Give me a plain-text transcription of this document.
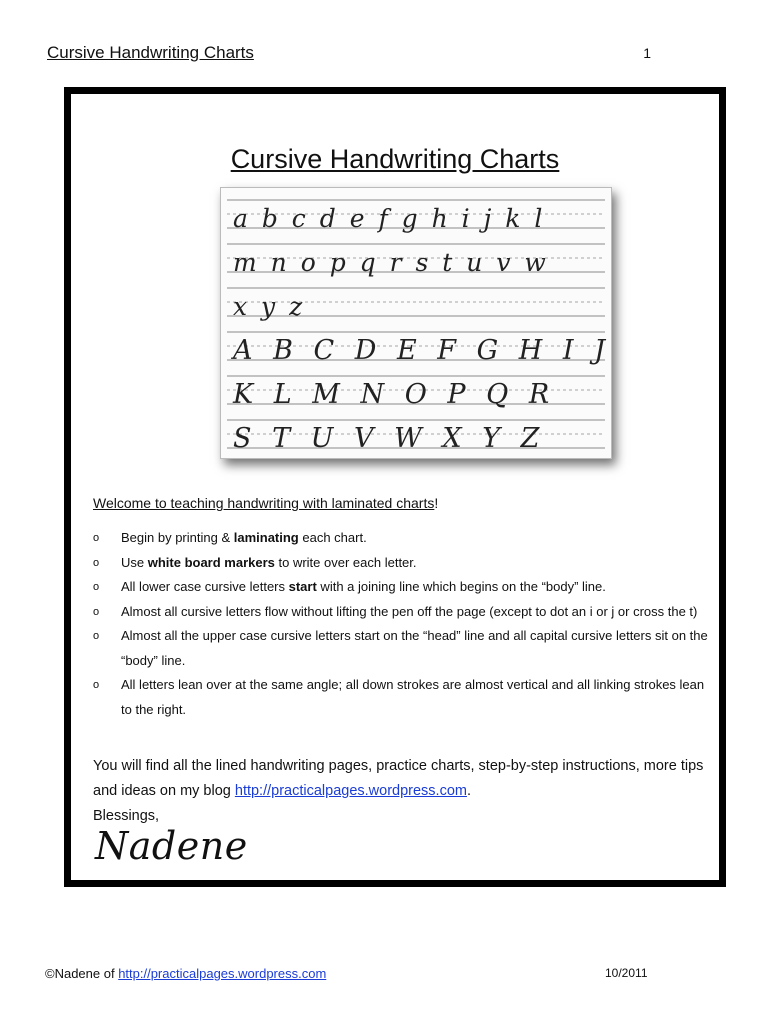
Cursive Handwriting Charts	1
Cursive Handwriting Charts
a b c d e f g h i j k l
m n o p q r s t u v w
x y z
A B C D E F G H I J
K L M N O P Q R
S T U V W X Y Z
Welcome to teaching handwriting with laminated charts!
o Begin by printing & laminating each chart.
o Use white board markers to write over each letter.
o All lower case cursive letters start with a joining line which begins on the “body” line.
o Almost all cursive letters flow without lifting the pen off the page (except to dot an i or j or cross the t)
o Almost all the upper case cursive letters start on the “head” line and all capital cursive letters sit on the “body” line.
o All letters lean over at the same angle; all down strokes are almost vertical and all linking strokes lean to the right.
You will find all the lined handwriting pages, practice charts, step-by-step instructions, more tips and ideas on my blog http://practicalpages.wordpress.com.
Blessings,
Nadene
©Nadene of http://practicalpages.wordpress.com	10/2011
